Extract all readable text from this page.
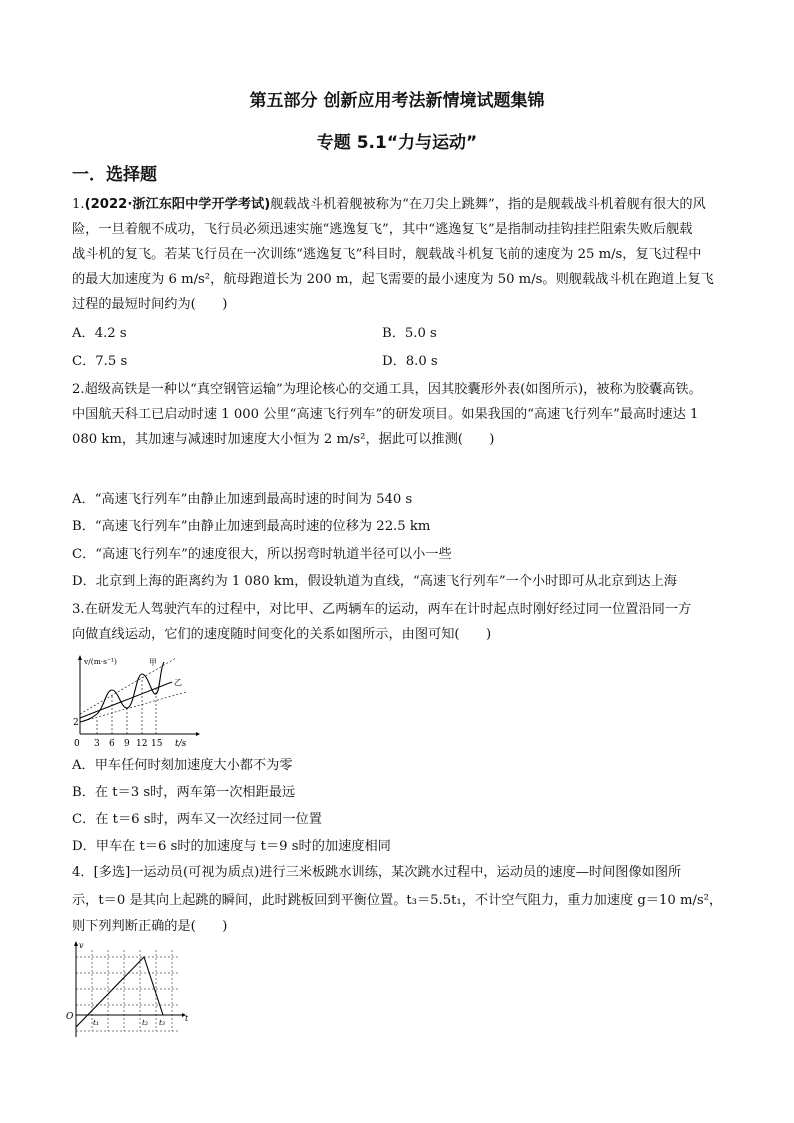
第五部分 创新应用考法新情境试题集锦
专题 5.1“力与运动”
一．选择题
1.(2022·浙江东阳中学开学考试)舰载战斗机着舰被称为“在刀尖上跳舞”，指的是舰载战斗机着舰有很大的风
险，一旦着舰不成功，飞行员必须迅速实施“逃逸复飞”，其中“逃逸复飞”是指制动挂钩挂拦阻索失败后舰载
战斗机的复飞。若某飞行员在一次训练“逃逸复飞”科目时，舰载战斗机复飞前的速度为 25 m/s，复飞过程中
的最大加速度为 6 m/s²，航母跑道长为 200 m，起飞需要的最小速度为 50 m/s。则舰载战斗机在跑道上复飞
过程的最短时间约为(　　)
A．4.2 s	B．5.0 s
C．7.5 s	D．8.0 s
2.超级高铁是一种以“真空钢管运输”为理论核心的交通工具，因其胶囊形外表(如图所示)，被称为胶囊高铁。
中国航天科工已启动时速 1 000 公里“高速飞行列车”的研发项目。如果我国的“高速飞行列车”最高时速达 1
080 km，其加速与减速时加速度大小恒为 2 m/s²，据此可以推测(　　)
A．“高速飞行列车”由静止加速到最高时速的时间为 540 s
B．“高速飞行列车”由静止加速到最高时速的位移为 22.5 km
C．“高速飞行列车”的速度很大，所以拐弯时轨道半径可以小一些
D．北京到上海的距离约为 1 080 km，假设轨道为直线，“高速飞行列车”一个小时即可从北京到达上海
3.在研发无人驾驶汽车的过程中，对比甲、乙两辆车的运动，两车在计时起点时刚好经过同一位置沿同一方
向做直线运动，它们的速度随时间变化的关系如图所示，由图可知(　　)
v/(m·s⁻¹)	甲
乙
0
2
3 6 9 12 15 t/s
A．甲车任何时刻加速度大小都不为零
B．在 t＝3 s时，两车第一次相距最远
C．在 t＝6 s时，两车又一次经过同一位置
D．甲车在 t＝6 s时的加速度与 t＝9 s时的加速度相同
4．[多选]一运动员(可视为质点)进行三米板跳水训练，某次跳水过程中，运动员的速度—时间图像如图所
示，t＝0 是其向上起跳的瞬间，此时跳板回到平衡位置。t₃＝5.5t₁，不计空气阻力，重力加速度 g＝10 m/s²，
则下列判断正确的是(　　)
v
t
O
t₁	t₂ t₃
